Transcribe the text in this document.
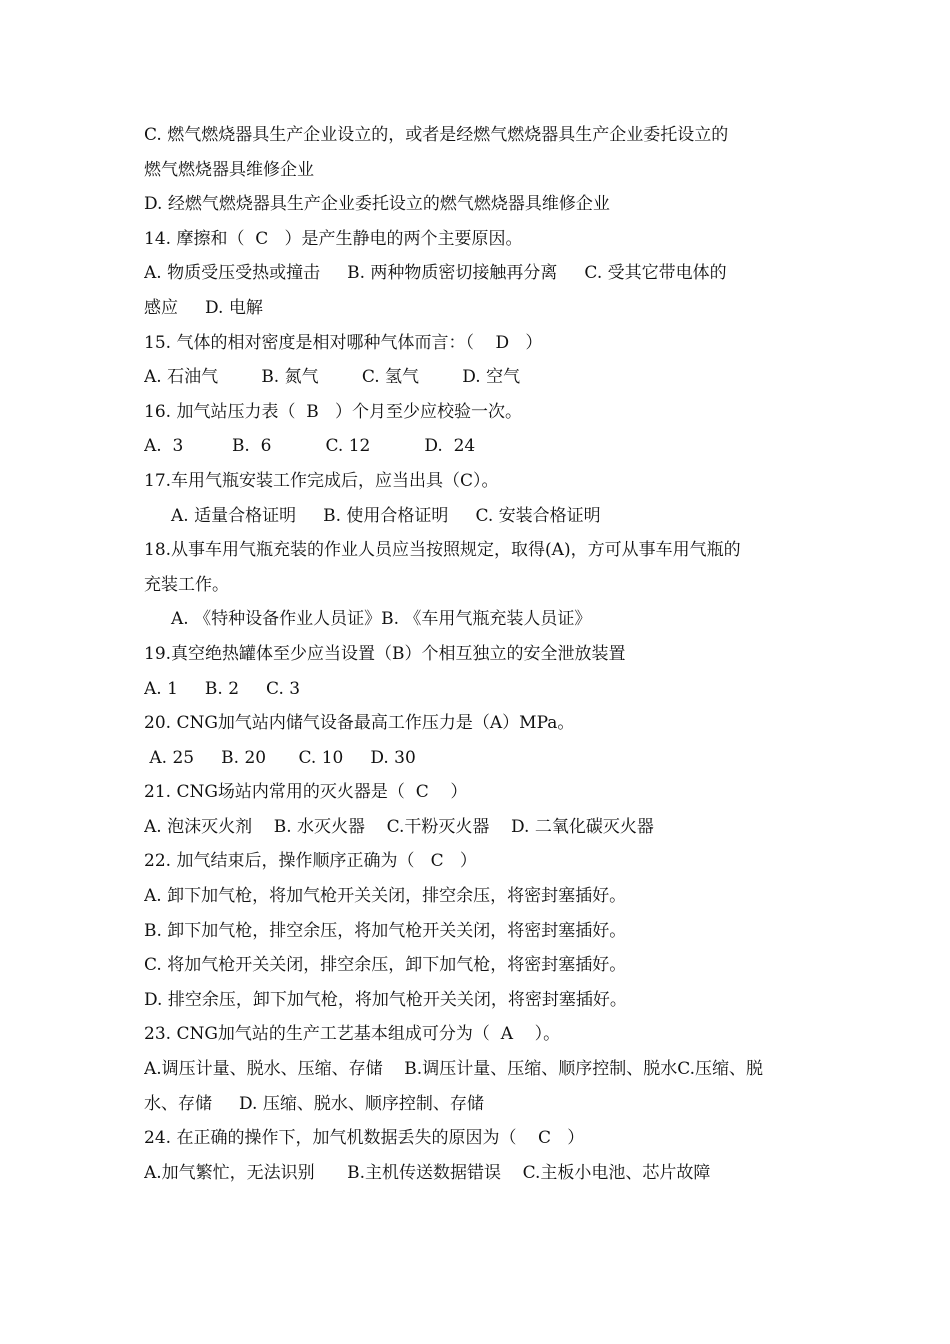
C. 燃气燃烧器具生产企业设立的，或者是经燃气燃烧器具生产企业委托设立的
燃气燃烧器具维修企业
D. 经燃气燃烧器具生产企业委托设立的燃气燃烧器具维修企业
14. 摩擦和（  C   ）是产生静电的两个主要原因。
A. 物质受压受热或撞击     B. 两种物质密切接触再分离     C. 受其它带电体的
感应     D. 电解
15. 气体的相对密度是相对哪种气体而言：（    D   ）
A. 石油气        B. 氮气        C. 氢气        D. 空气
16. 加气站压力表（  B   ）个月至少应校验一次。
A.  3         B.  6          C. 12          D.  24
17.车用气瓶安装工作完成后，应当出具（C）。
A. 适量合格证明     B. 使用合格证明     C. 安装合格证明
18.从事车用气瓶充装的作业人员应当按照规定，取得(A)，方可从事车用气瓶的
充装工作。
A. 《特种设备作业人员证》B. 《车用气瓶充装人员证》
19.真空绝热罐体至少应当设置（B）个相互独立的安全泄放装置
A. 1     B. 2     C. 3
20. CNG加气站内储气设备最高工作压力是（A）MPa。
A. 25     B. 20      C. 10     D. 30
21. CNG场站内常用的灭火器是（  C    ）
A. 泡沫灭火剂    B. 水灭火器    C.干粉灭火器    D. 二氧化碳灭火器
22. 加气结束后，操作顺序正确为（   C   ）
A. 卸下加气枪，将加气枪开关关闭，排空余压，将密封塞插好。
B. 卸下加气枪，排空余压，将加气枪开关关闭，将密封塞插好。
C. 将加气枪开关关闭，排空余压，卸下加气枪，将密封塞插好。
D. 排空余压，卸下加气枪，将加气枪开关关闭，将密封塞插好。
23. CNG加气站的生产工艺基本组成可分为（  A    ）。
A.调压计量、脱水、压缩、存储    B.调压计量、压缩、顺序控制、脱水C.压缩、脱
水、存储     D. 压缩、脱水、顺序控制、存储
24. 在正确的操作下，加气机数据丢失的原因为（    C   ）
A.加气繁忙，无法识别      B.主机传送数据错误    C.主板小电池、芯片故障
